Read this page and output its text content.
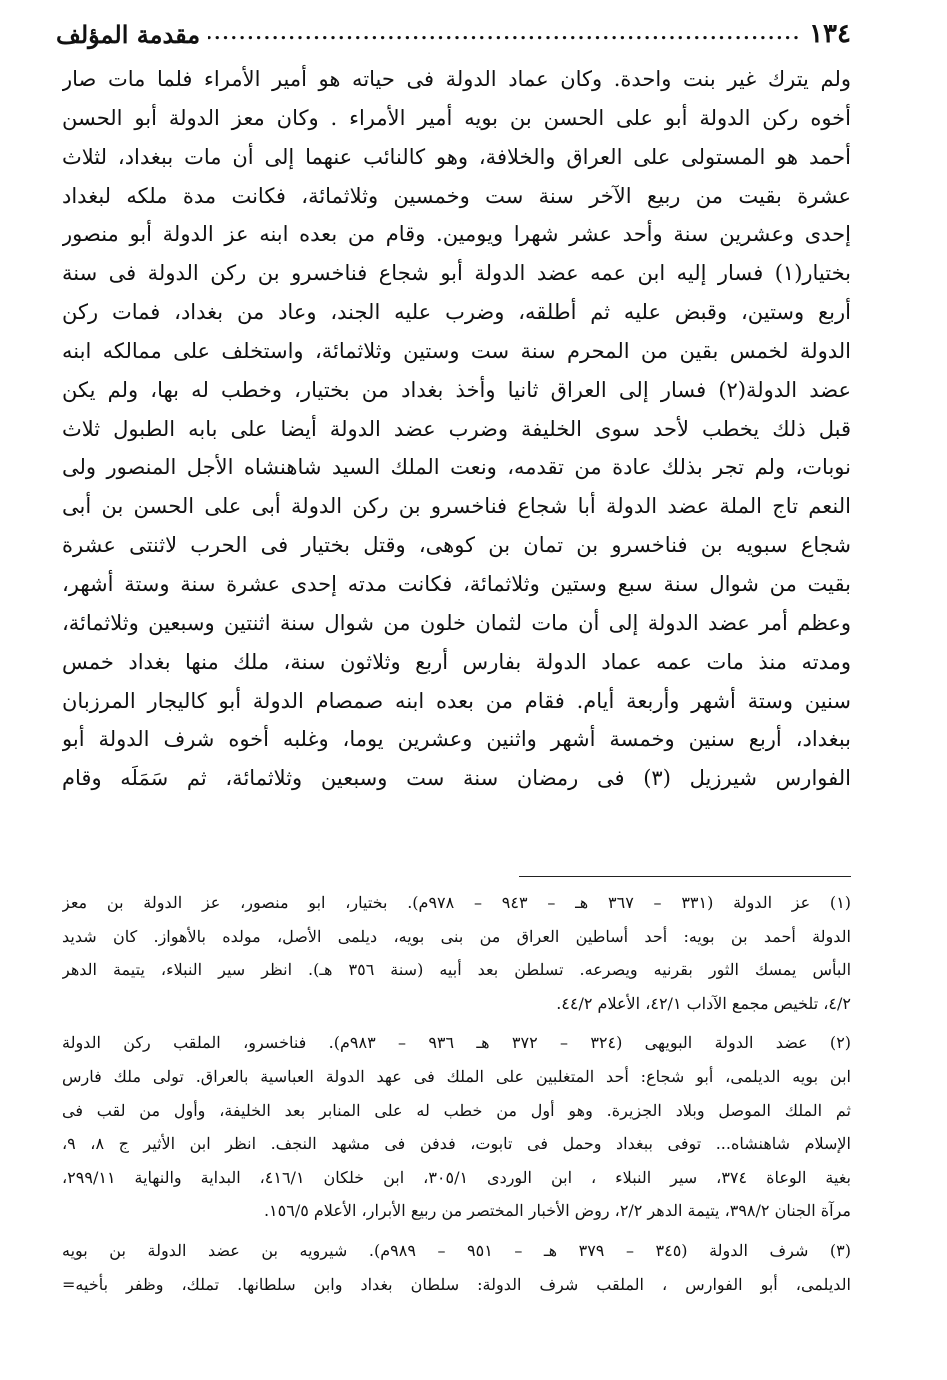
١٣٤
.....
مقدمة المؤلف
ولم يترك غير بنت واحدة. وكان عماد الدولة فى حياته هو أمير الأمراء فلما مات صار
أخوه ركن الدولة أبو على الحسن بن بويه أمير الأمراء . وكان معز الدولة أبو الحسن
أحمد هو المستولى على العراق والخلافة، وهو كالنائب عنهما إلى أن مات ببغداد، لثلاث
عشرة بقيت من ربيع الآخر سنة ست وخمسين وثلاثمائة، فكانت مدة ملكه لبغداد
إحدى وعشرين سنة وأحد عشر شهرا ويومين. وقام من بعده ابنه عز الدولة أبو منصور
بختيار(١) فسار إليه ابن عمه عضد الدولة أبو شجاع فناخسرو بن ركن الدولة فى سنة
أربع وستين، وقبض عليه ثم أطلقه، وضرب عليه الجند، وعاد من بغداد، فمات ركن
الدولة لخمس بقين من المحرم سنة ست وستين وثلاثمائة، واستخلف على ممالكه ابنه
عضد الدولة(٢) فسار إلى العراق ثانيا وأخذ بغداد من بختيار، وخطب له بها، ولم يكن
قبل ذلك يخطب لأحد سوى الخليفة وضرب عضد الدولة أيضا على بابه الطبول ثلاث
نوبات، ولم تجر بذلك عادة من تقدمه، ونعت الملك السيد شاهنشاه الأجل المنصور ولى
النعم تاج الملة عضد الدولة أبا شجاع فناخسرو بن ركن الدولة أبى على الحسن بن أبى
شجاع سبويه بن فناخسرو بن تمان بن كوهى، وقتل بختيار فى الحرب لاثنتى عشرة
بقيت من شوال سنة سبع وستين وثلاثمائة، فكانت مدته إحدى عشرة سنة وستة أشهر،
وعظم أمر عضد الدولة إلى أن مات لثمان خلون من شوال سنة اثنتين وسبعين وثلاثمائة،
ومدته منذ مات عمه عماد الدولة بفارس أربع وثلاثون سنة، ملك منها بغداد خمس
سنين وستة أشهر وأربعة أيام. فقام من بعده ابنه صمصام الدولة أبو كاليجار المرزبان
ببغداد، أربع سنين وخمسة أشهر واثنين وعشرين يوما، وغلبه أخوه شرف الدولة أبو
الفوارس شيرزيل (٣) فى رمضان سنة ست وسبعين وثلاثمائة، ثم سَمَلَه وقام
(١) عز الدولة (٣٣١ – ٣٦٧ هـ – ٩٤٣ – ٩٧٨م). بختيار، ابو منصور، عز الدولة بن معز
الدولة أحمد بن بويه: أحد أساطين العراق من بنى بويه، ديلمى الأصل، مولده بالأهواز. كان شديد
البأس يمسك الثور بقرنيه ويصرعه. تسلطن بعد أبيه (سنة ٣٥٦ هـ). انظر سير النبلاء، يتيمة الدهر
٤/٢، تلخيص مجمع الآداب ٤٢/١، الأعلام ٤٤/٢.
(٢) عضد الدولة البويهى (٣٢٤ – ٣٧٢ هـ ٩٣٦ – ٩٨٣م). فناخسرو، الملقب ركن الدولة
ابن بويه الديلمى، أبو شجاع: أحد المتغلبين على الملك فى عهد الدولة العباسية بالعراق. تولى ملك فارس
ثم الملك الموصل وبلاد الجزيرة. وهو أول من خطب له على المنابر بعد الخليفة، وأول من لقب فى
الإسلام شاهنشاه... توفى ببغداد وحمل فى تابوت، فدفن فى مشهد النجف. انظر ابن الأثير ج ٨، ٩،
بغية الوعاة ٣٧٤، سير النبلاء ، ابن الوردى ٣٠٥/١، ابن خلكان ٤١٦/١، البداية والنهاية ٢٩٩/١١،
مرآة الجنان ٣٩٨/٢، يتيمة الدهر ٢/٢، روض الأخبار المختصر من ربيع الأبرار، الأعلام ١٥٦/٥.
(٣) شرف الدولة (٣٤٥ – ٣٧٩ هـ – ٩٥١ – ٩٨٩م). شيرويه بن عضد الدولة بن بويه
الديلمى، أبو الفوارس ، الملقب شرف الدولة: سلطان بغداد وابن سلطانها. تملك، وظفر بأخيه=
